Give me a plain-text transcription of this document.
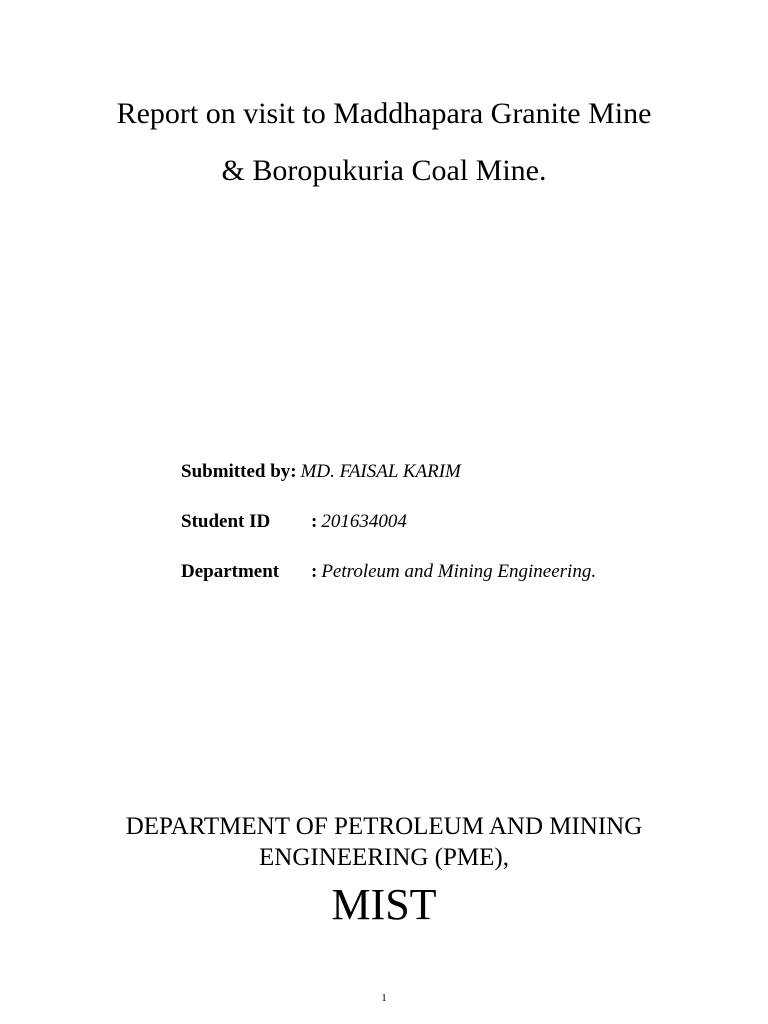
Report on visit to Maddhapara Granite Mine
& Boropukuria Coal Mine.
Submitted by: MD. FAISAL KARIM
Student ID : 201634004
Department : Petroleum and Mining Engineering.
DEPARTMENT OF PETROLEUM AND MINING
ENGINEERING (PME),
MIST
1
